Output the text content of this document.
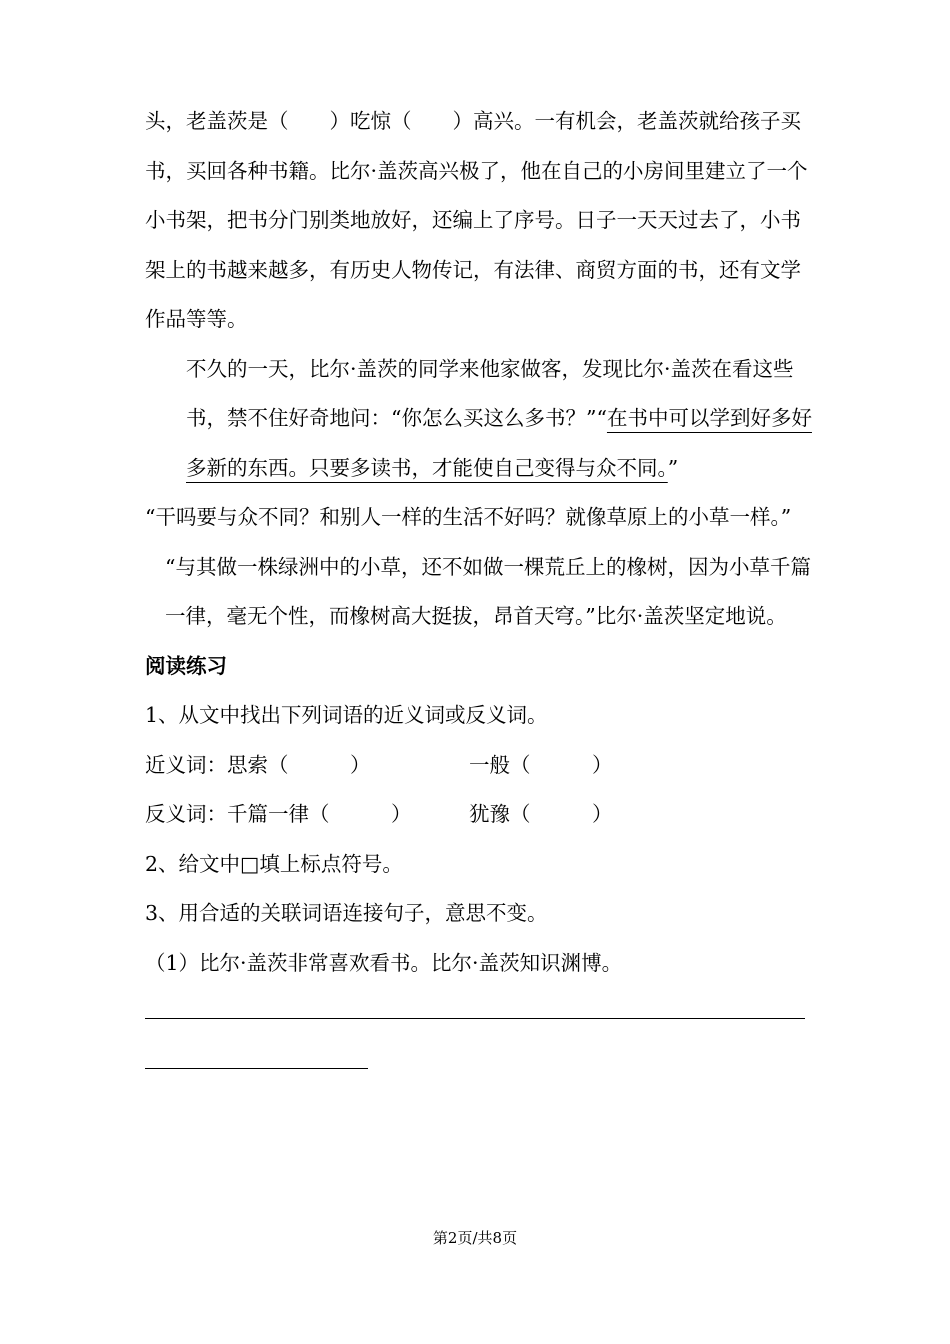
头，老盖茨是（　　）吃惊（　　）高兴。一有机会，老盖茨就给孩子买书，买回各种书籍。比尔·盖茨高兴极了，他在自己的小房间里建立了一个小书架，把书分门别类地放好，还编上了序号。日子一天天过去了，小书架上的书越来越多，有历史人物传记，有法律、商贸方面的书，还有文学作品等等。

不久的一天，比尔·盖茨的同学来他家做客，发现比尔·盖茨在看这些书，禁不住好奇地问：“你怎么买这么多书？”“在书中可以学到好多好多新的东西。只要多读书，才能使自己变得与众不同。”

“干吗要与众不同？和别人一样的生活不好吗？就像草原上的小草一样。”

“与其做一株绿洲中的小草，还不如做一棵荒丘上的橡树，因为小草千篇一律，毫无个性，而橡树高大挺拔，昂首天穹。”比尔·盖茨坚定地说。

阅读练习

1、从文中找出下列词语的近义词或反义词。

近义词：思索（　　　）	一般（　　　）
反义词：千篇一律（　　　）	犹豫（　　　）

2、给文中□填上标点符号。

3、用合适的关联词语连接句子，意思不变。

（1）比尔·盖茨非常喜欢看书。比尔·盖茨知识渊博。

第2页/共8页
